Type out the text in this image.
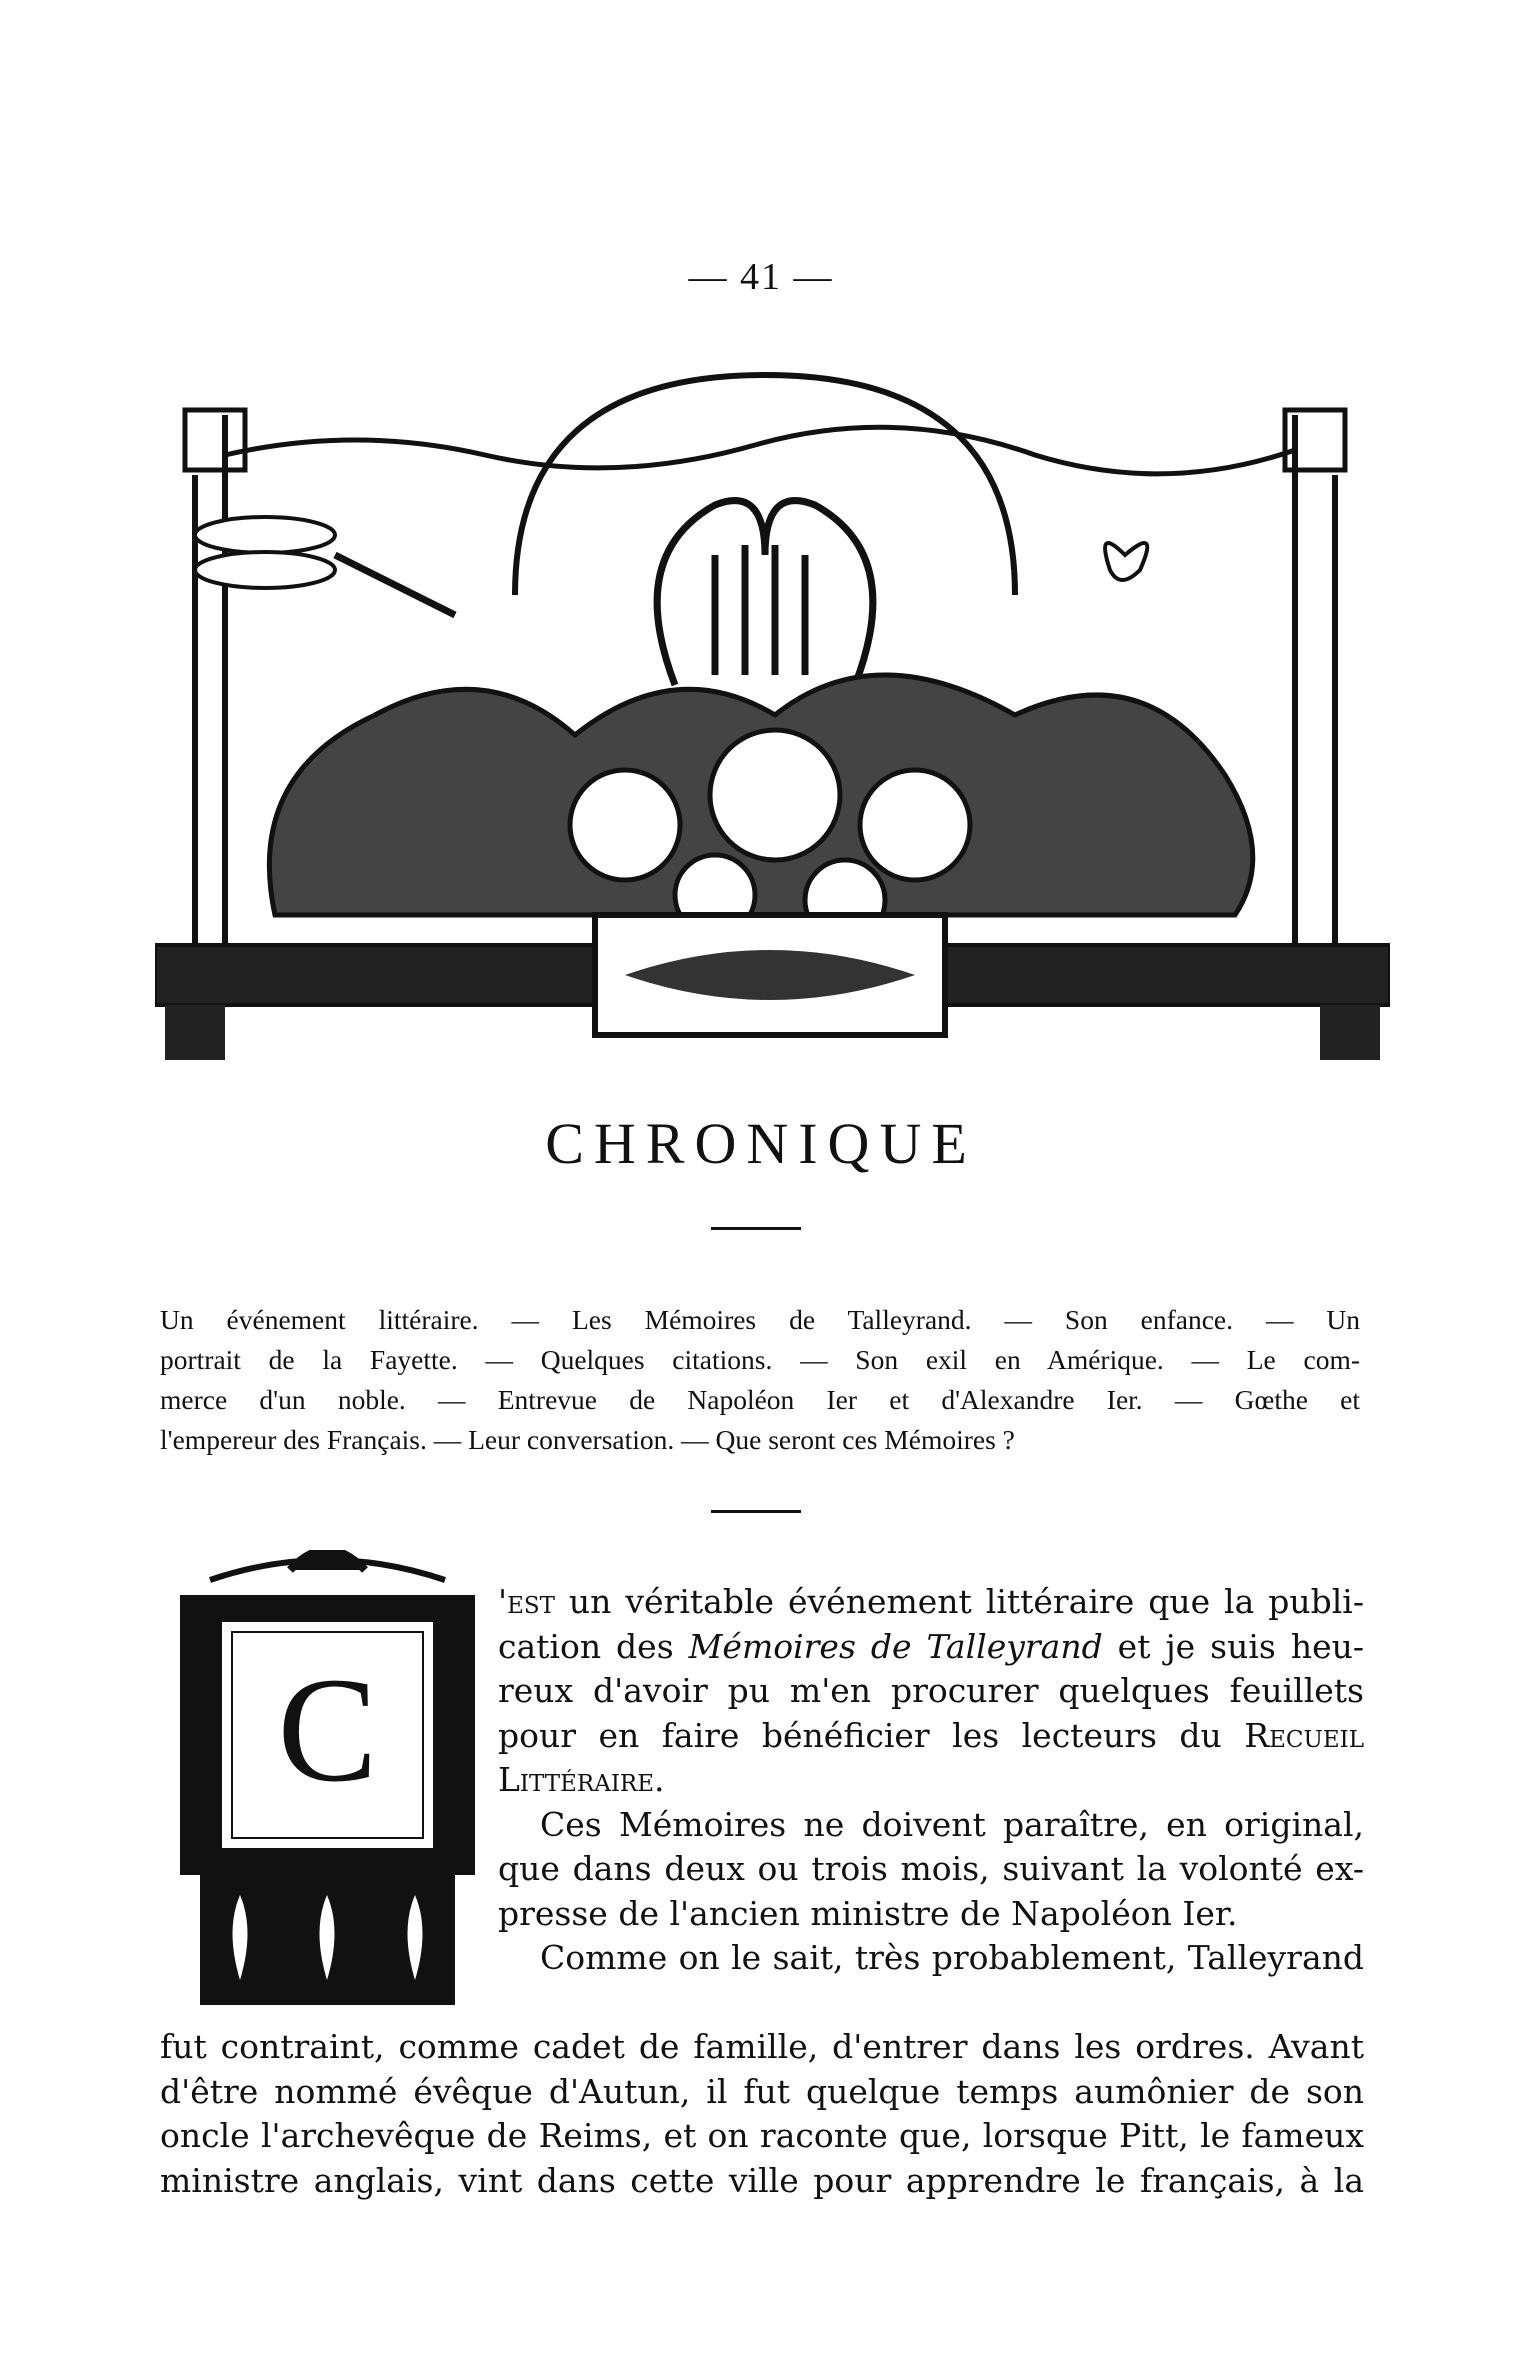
— 41 —
CHRONIQUE
Un événement littéraire. — Les Mémoires de Talleyrand. — Son enfance. — Un
portrait de la Fayette. — Quelques citations. — Son exil en Amérique. — Le com-
merce d'un noble. — Entrevue de Napoléon Ier et d'Alexandre Ier. — Gœthe et
l'empereur des Français. — Leur conversation. — Que seront ces Mémoires ?
C
'est un véritable événement littéraire que la publi-
cation des Mémoires de Talleyrand et je suis heu-
reux d'avoir pu m'en procurer quelques feuillets
pour en faire bénéficier les lecteurs du Recueil
Littéraire.
Ces Mémoires ne doivent paraître, en original,
que dans deux ou trois mois, suivant la volonté ex-
presse de l'ancien ministre de Napoléon Ier.
Comme on le sait, très probablement, Talleyrand
fut contraint, comme cadet de famille, d'entrer dans les ordres. Avant
d'être nommé évêque d'Autun, il fut quelque temps aumônier de son
oncle l'archevêque de Reims, et on raconte que, lorsque Pitt, le fameux
ministre anglais, vint dans cette ville pour apprendre le français, à la
